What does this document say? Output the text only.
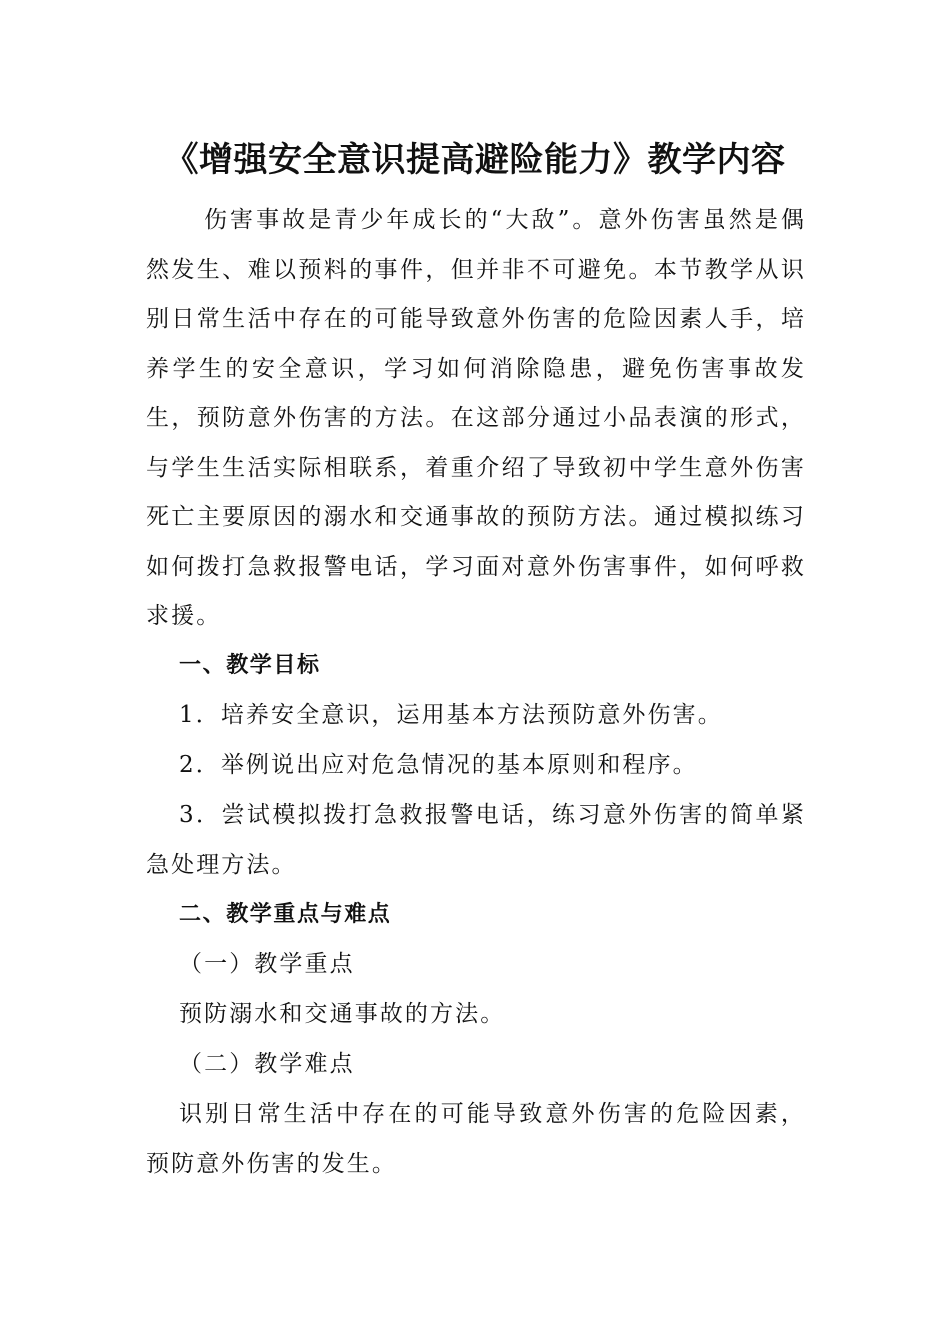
《增强安全意识提高避险能力》教学内容

伤害事故是青少年成长的“大敌”。意外伤害虽然是偶然发生、难以预料的事件，但并非不可避免。本节教学从识别日常生活中存在的可能导致意外伤害的危险因素人手，培养学生的安全意识，学习如何消除隐患，避免伤害事故发生，预防意外伤害的方法。在这部分通过小品表演的形式，与学生生活实际相联系，着重介绍了导致初中学生意外伤害死亡主要原因的溺水和交通事故的预防方法。通过模拟练习如何拨打急救报警电话，学习面对意外伤害事件，如何呼救求援。

一、教学目标
1．培养安全意识，运用基本方法预防意外伤害。
2．举例说出应对危急情况的基本原则和程序。

3．尝试模拟拨打急救报警电话，练习意外伤害的简单紧急处理方法。

二、教学重点与难点
（一）教学重点
预防溺水和交通事故的方法。
（二）教学难点

识别日常生活中存在的可能导致意外伤害的危险因素，预防意外伤害的发生。
